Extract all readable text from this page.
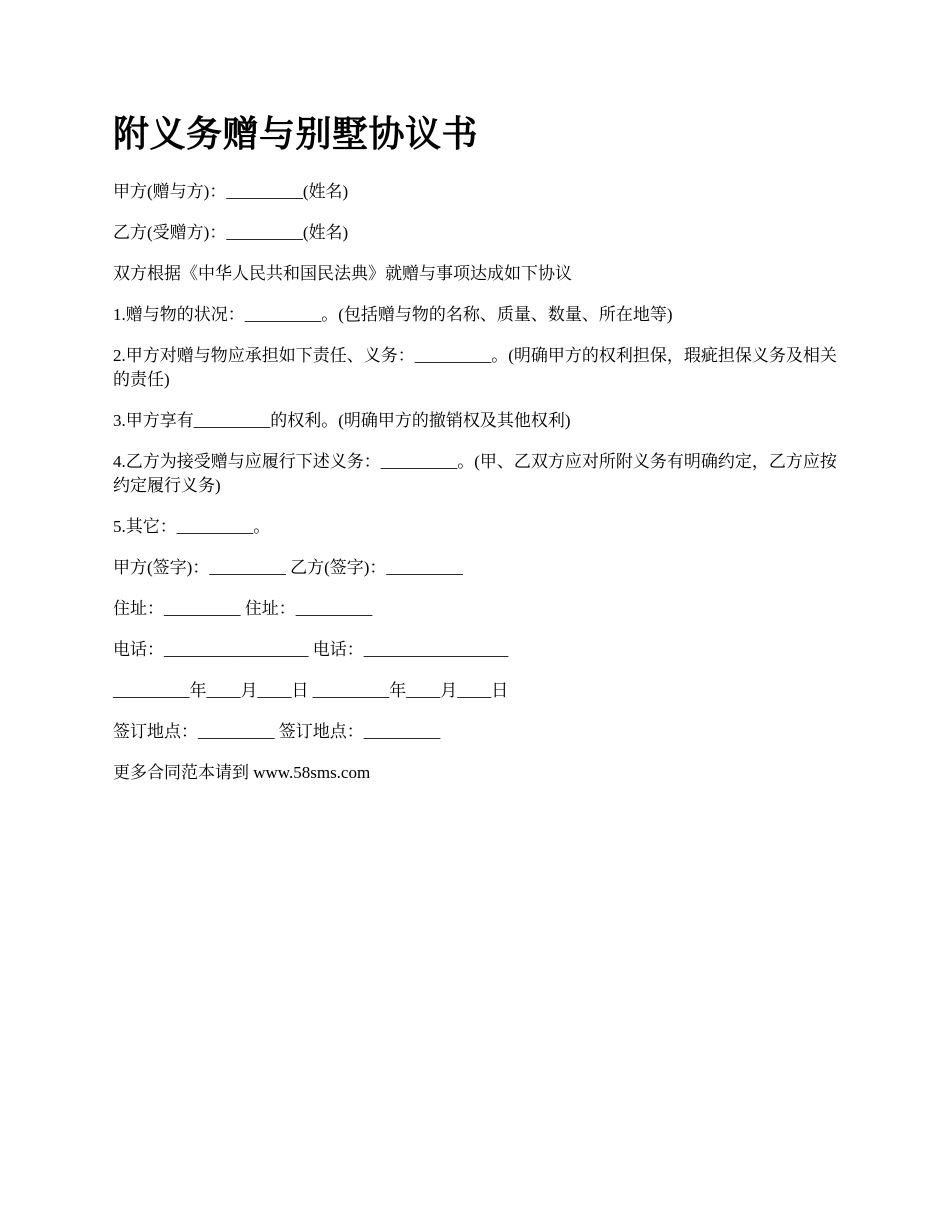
附义务赠与别墅协议书

甲方(赠与方)：_________(姓名)

乙方(受赠方)：_________(姓名)

双方根据《中华人民共和国民法典》就赠与事项达成如下协议

1.赠与物的状况：_________。(包括赠与物的名称、质量、数量、所在地等)

2.甲方对赠与物应承担如下责任、义务：_________。(明确甲方的权利担保，瑕疵担保义务及相关的责任)

3.甲方享有_________的权利。(明确甲方的撤销权及其他权利)

4.乙方为接受赠与应履行下述义务：_________。(甲、乙双方应对所附义务有明确约定，乙方应按约定履行义务)

5.其它：_________。

甲方(签字)：_________ 乙方(签字)：_________

住址：_________ 住址：_________

电话：_________________ 电话：_________________

_________年____月____日 _________年____月____日

签订地点：_________ 签订地点：_________

更多合同范本请到 www.58sms.com
